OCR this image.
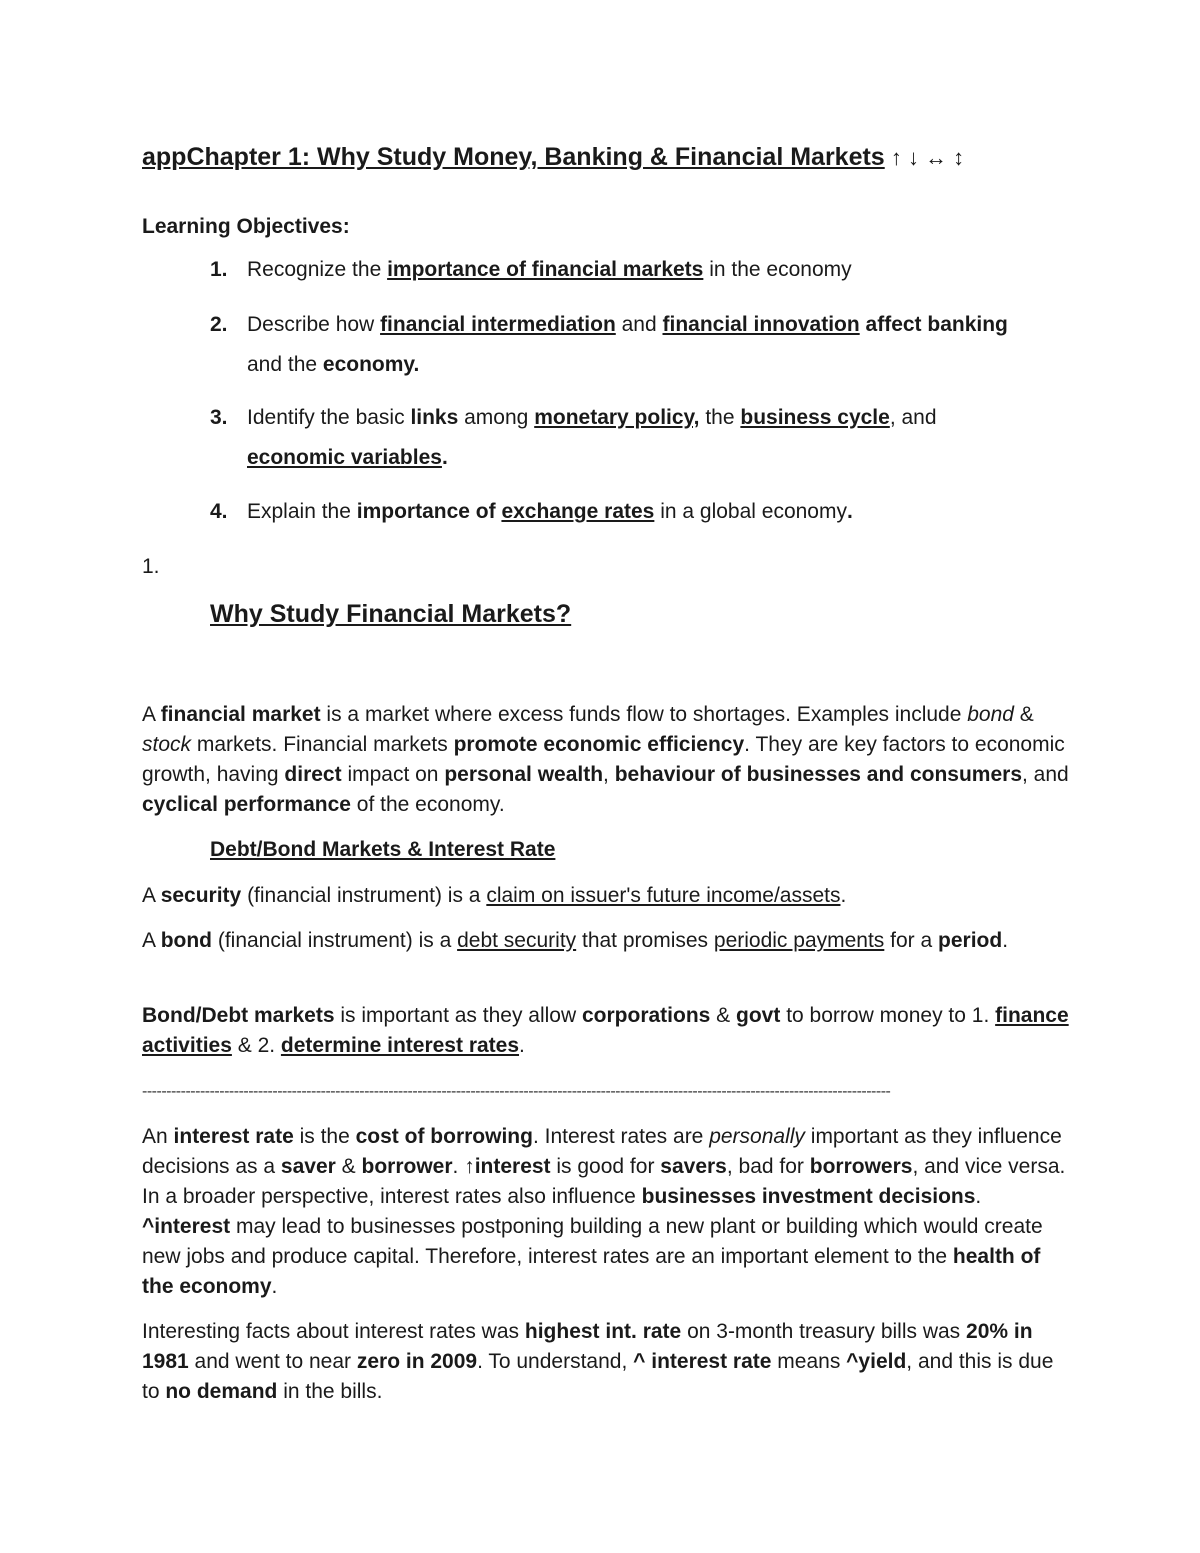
appChapter 1: Why Study Money, Banking & Financial Markets ↑ ↓ ↔ ↕

Learning Objectives:

1. Recognize the importance of financial markets in the economy

2. Describe how financial intermediation and financial innovation affect banking and the economy.

3. Identify the basic links among monetary policy, the business cycle, and economic variables.

4. Explain the importance of exchange rates in a global economy.

1.

Why Study Financial Markets?

A financial market is a market where excess funds flow to shortages. Examples include bond & stock markets. Financial markets promote economic efficiency. They are key factors to economic growth, having direct impact on personal wealth, behaviour of businesses and consumers, and cyclical performance of the economy.

Debt/Bond Markets & Interest Rate

A security (financial instrument) is a claim on issuer's future income/assets.

A bond (financial instrument) is a debt security that promises periodic payments for a period.

Bond/Debt markets is important as they allow corporations & govt to borrow money to 1. finance activities & 2. determine interest rates.

-----------------------------------------------------------------------------------------------------------------------------------------------------------

An interest rate is the cost of borrowing. Interest rates are personally important as they influence decisions as a saver & borrower. ↑interest is good for savers, bad for borrowers, and vice versa. In a broader perspective, interest rates also influence businesses investment decisions. ^interest may lead to businesses postponing building a new plant or building which would create new jobs and produce capital. Therefore, interest rates are an important element to the health of the economy.

Interesting facts about interest rates was highest int. rate on 3-month treasury bills was 20% in 1981 and went to near zero in 2009. To understand, ^ interest rate means ^yield, and this is due to no demand in the bills.
